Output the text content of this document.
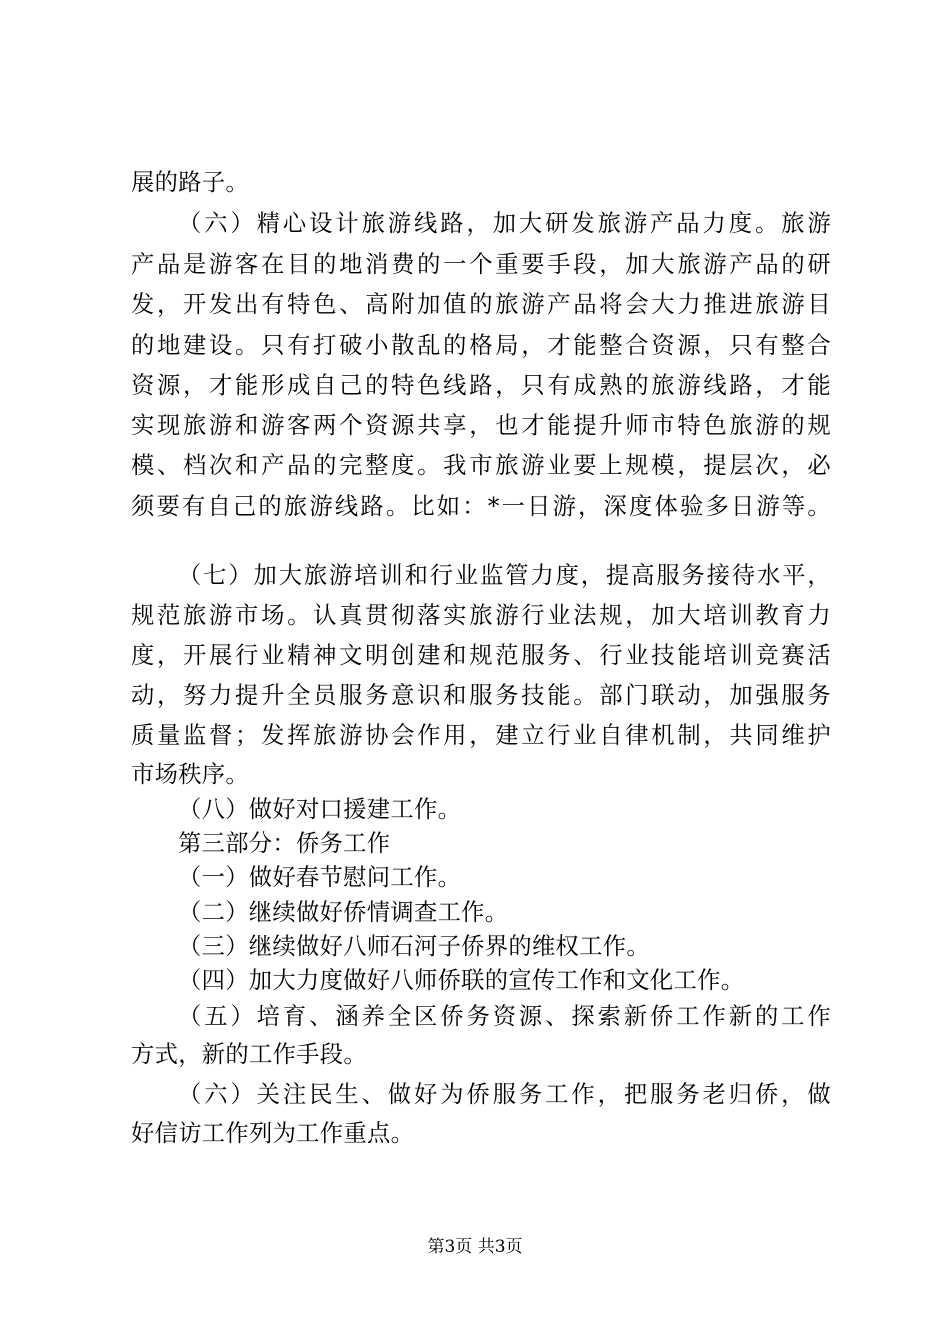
展的路子。
（六）精心设计旅游线路，加大研发旅游产品力度。旅游
产品是游客在目的地消费的一个重要手段，加大旅游产品的研
发，开发出有特色、高附加值的旅游产品将会大力推进旅游目
的地建设。只有打破小散乱的格局，才能整合资源，只有整合
资源，才能形成自己的特色线路，只有成熟的旅游线路，才能
实现旅游和游客两个资源共享，也才能提升师市特色旅游的规
模、档次和产品的完整度。我市旅游业要上规模，提层次，必
须要有自己的旅游线路。比如：*一日游，深度体验多日游等。
（七）加大旅游培训和行业监管力度，提高服务接待水平，
规范旅游市场。认真贯彻落实旅游行业法规，加大培训教育力
度，开展行业精神文明创建和规范服务、行业技能培训竞赛活
动，努力提升全员服务意识和服务技能。部门联动，加强服务
质量监督；发挥旅游协会作用，建立行业自律机制，共同维护
市场秩序。
（八）做好对口援建工作。
第三部分：侨务工作
（一）做好春节慰问工作。
（二）继续做好侨情调查工作。
（三）继续做好八师石河子侨界的维权工作。
（四）加大力度做好八师侨联的宣传工作和文化工作。
（五）培育、涵养全区侨务资源、探索新侨工作新的工作
方式，新的工作手段。
（六）关注民生、做好为侨服务工作，把服务老归侨，做
好信访工作列为工作重点。
第3页 共3页
